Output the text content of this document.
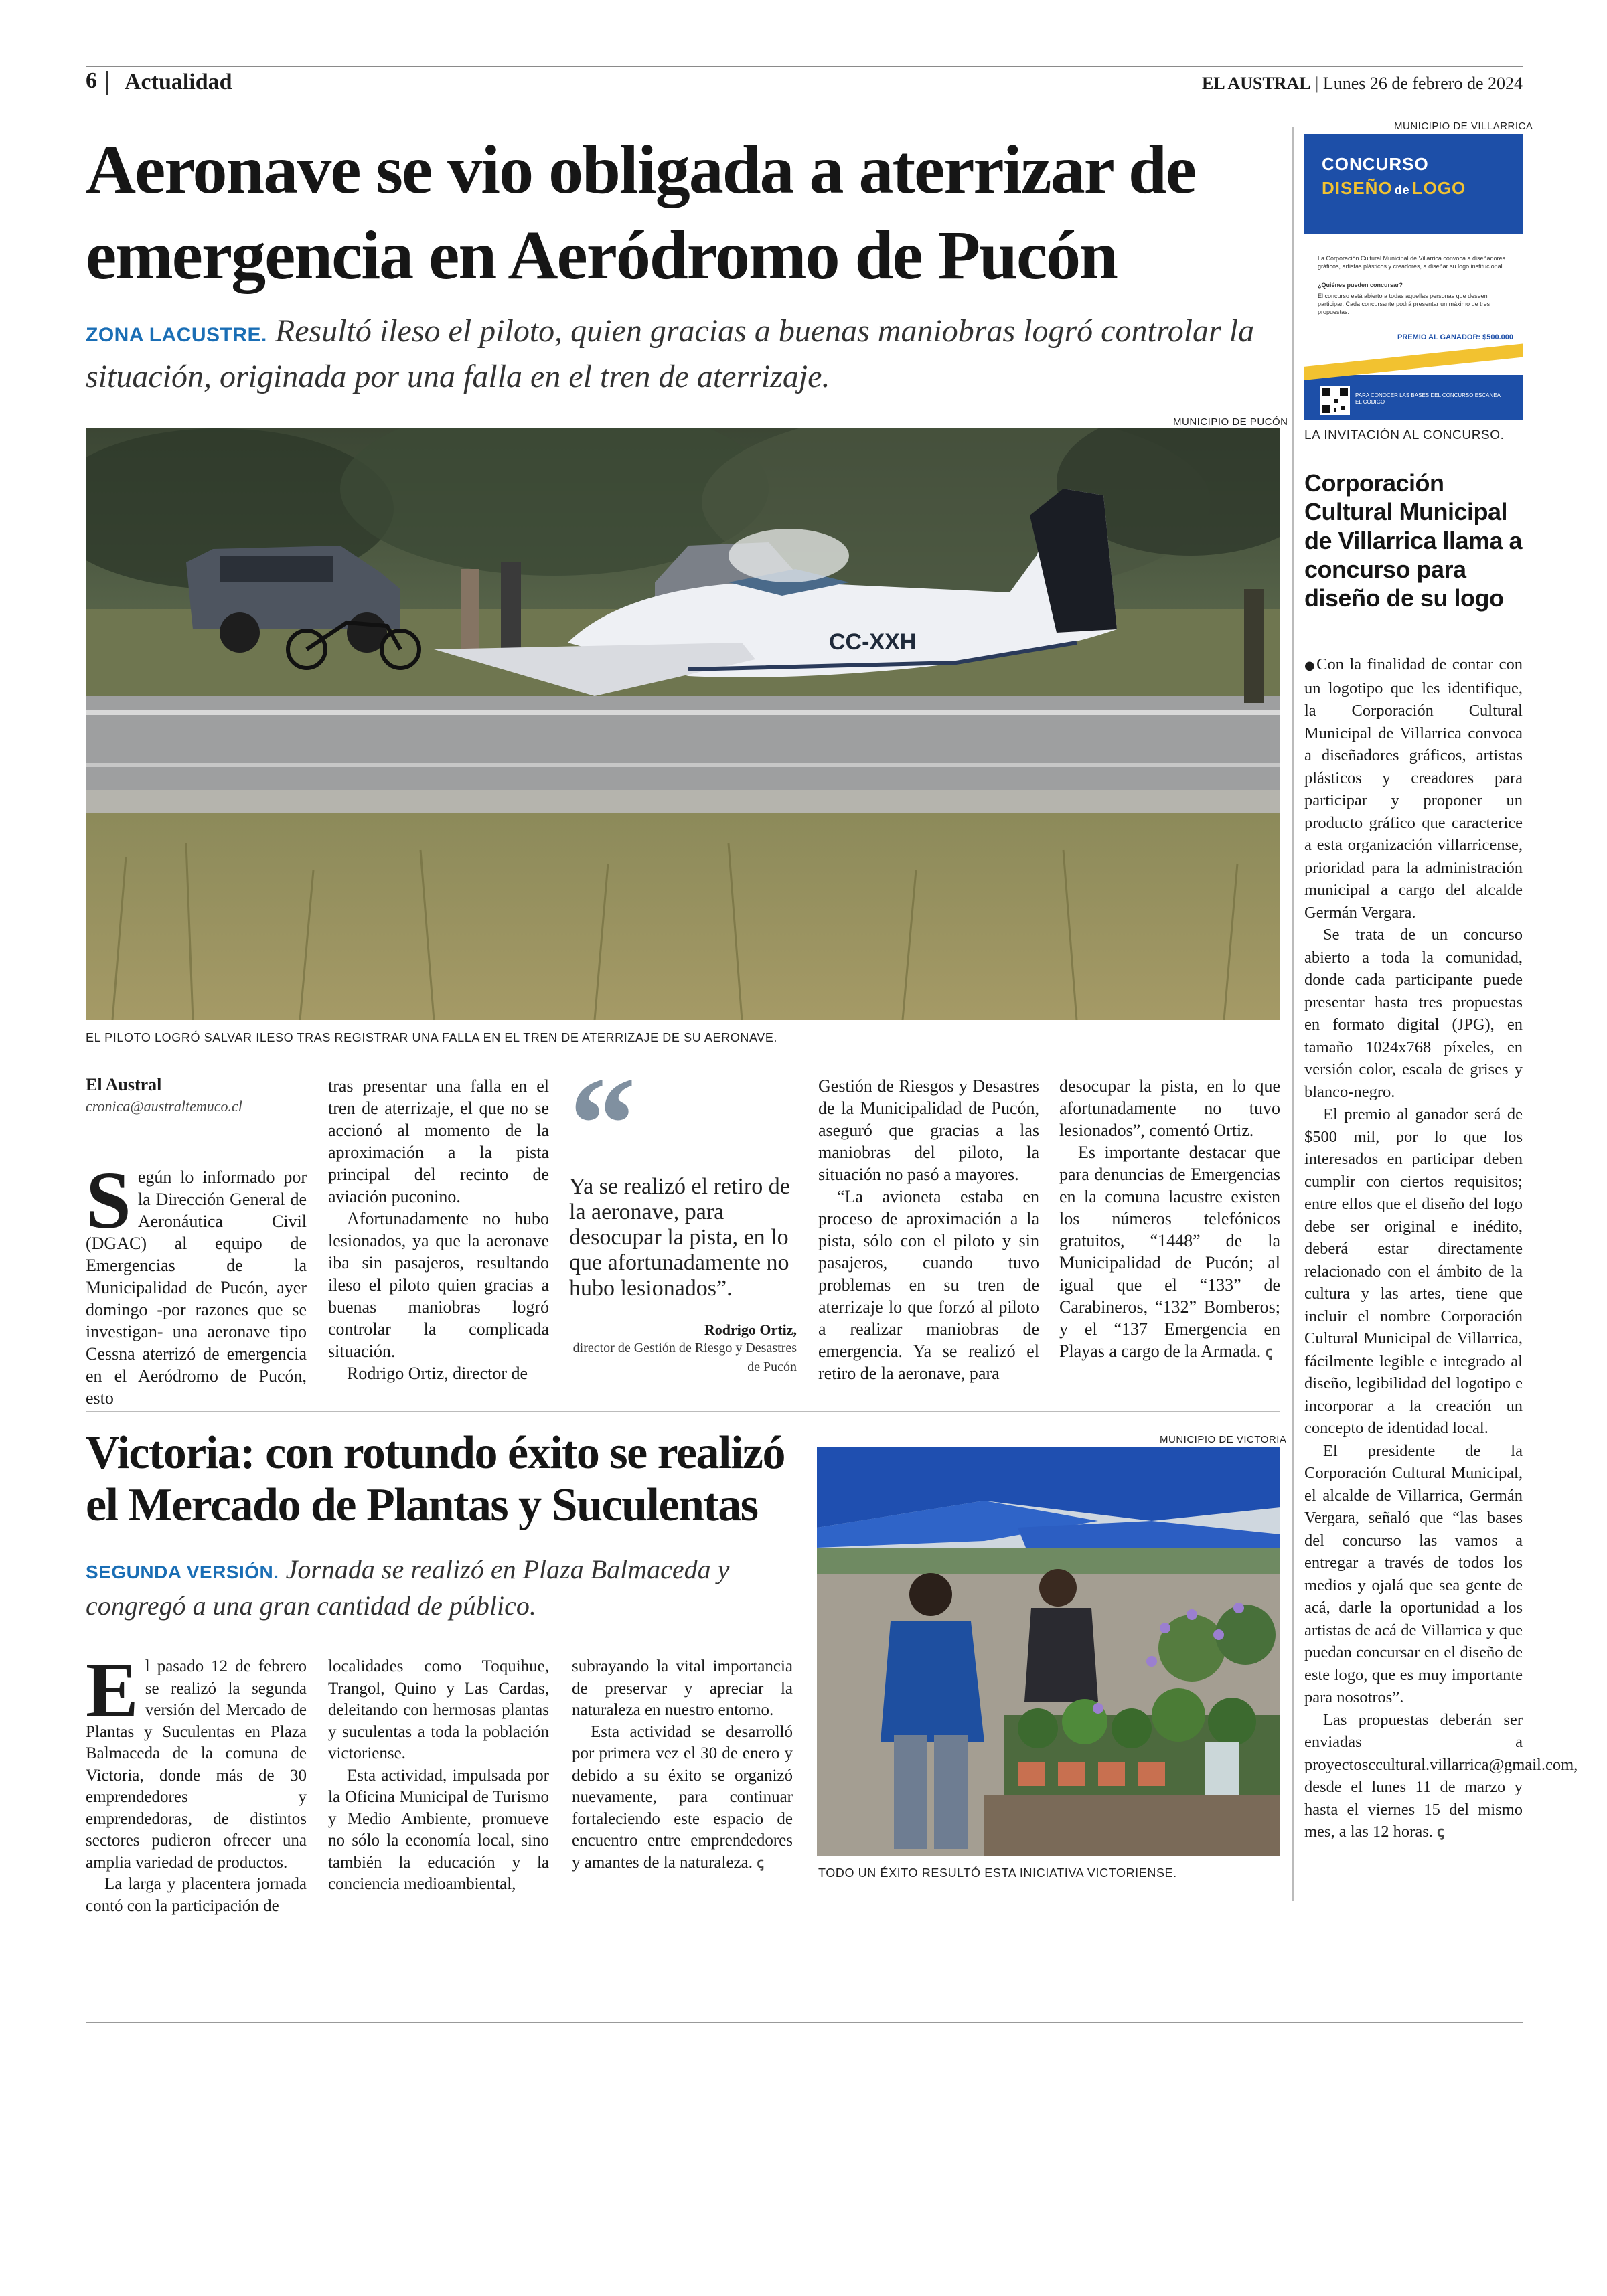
6 Actualidad	EL AUSTRAL | Lunes 26 de febrero de 2024
Aeronave se vio obligada a aterrizar de emergencia en Aeródromo de Pucón
ZONA LACUSTRE. Resultó ileso el piloto, quien gracias a buenas maniobras logró controlar la situación, originada por una falla en el tren de aterrizaje.
MUNICIPIO DE PUCÓN
CC-XXH
EL PILOTO LOGRÓ SALVAR ILESO TRAS REGISTRAR UNA FALLA EN EL TREN DE ATERRIZAJE DE SU AERONAVE.
El Austral
cronica@australtemuco.cl
Según lo informado por la Dirección General de Aeronáutica Civil (DGAC) al equipo de Emergencias de la Municipalidad de Pucón, ayer domingo -por razones que se investigan- una aeronave tipo Cessna aterrizó de emergencia en el Aeródromo de Pucón, esto

tras presentar una falla en el tren de aterrizaje, el que no se accionó al momento de la aproximación a la pista principal del recinto de aviación puconino.

Afortunadamente no hubo lesionados, ya que la aeronave iba sin pasajeros, resultando ileso el piloto quien gracias a buenas maniobras logró controlar la complicada situación.

Rodrigo Ortiz, director de

“
Ya se realizó el retiro de la aeronave, para desocupar la pista, en lo que afortunadamente no hubo lesionados”.
Rodrigo Ortiz,
director de Gestión de Riesgo y Desastres de Pucón

Gestión de Riesgos y Desastres de la Municipalidad de Pucón, aseguró que gracias a las maniobras del piloto, la situación no pasó a mayores.

“La avioneta estaba en proceso de aproximación a la pista, sólo con el piloto y sin pasajeros, cuando tuvo problemas en su tren de aterrizaje lo que forzó al piloto a realizar maniobras de emergencia. Ya se realizó el retiro de la aeronave, para

desocupar la pista, en lo que afortunadamente no tuvo lesionados”, comentó Ortiz.

Es importante destacar que para denuncias de Emergencias en la comuna lacustre existen los números telefónicos gratuitos, “1448” de la Municipalidad de Pucón; al igual que el “133” de Carabineros, “132” Bomberos; y el “137 Emergencia en Playas a cargo de la Armada. ꞔ

Victoria: con rotundo éxito se realizó el Mercado de Plantas y Suculentas
SEGUNDA VERSIÓN. Jornada se realizó en Plaza Balmaceda y congregó a una gran cantidad de público.
El pasado 12 de febrero se realizó la segunda versión del Mercado de Plantas y Suculentas en Plaza Balmaceda de la comuna de Victoria, donde más de 30 emprendedores y emprendedoras, de distintos sectores pudieron ofrecer una amplia variedad de productos.

La larga y placentera jornada contó con la participación de

localidades como Toquihue, Trangol, Quino y Las Cardas, deleitando con hermosas plantas y suculentas a toda la población victoriense.

Esta actividad, impulsada por la Oficina Municipal de Turismo y Medio Ambiente, promueve no sólo la economía local, sino también la educación y la conciencia medioambiental,

subrayando la vital importancia de preservar y apreciar la naturaleza en nuestro entorno.

Esta actividad se desarrolló por primera vez el 30 de enero y debido a su éxito se organizó nuevamente, para continuar fortaleciendo este espacio de encuentro entre emprendedores y amantes de la naturaleza. ꞔ

MUNICIPIO DE VICTORIA
TODO UN ÉXITO RESULTÓ ESTA INICIATIVA VICTORIENSE.
MUNICIPIO DE VILLARRICA
CONCURSO
DISEÑO de LOGO
La Corporación Cultural Municipal de Villarrica convoca a diseñadores gráficos, artistas plásticos y creadores, a diseñar su logo institucional.
¿Quiénes pueden concursar?
El concurso está abierto a todas aquellas personas que deseen participar. Cada concursante podrá presentar un máximo de tres propuestas.
PREMIO AL GANADOR: $500.000
PARA CONOCER LAS BASES DEL CONCURSO ESCANEA EL CÓDIGO
LA INVITACIÓN AL CONCURSO.
Corporación Cultural Municipal de Villarrica llama a concurso para diseño de su logo

●Con la finalidad de contar con un logotipo que les identifique, la Corporación Cultural Municipal de Villarrica convoca a diseñadores gráficos, artistas plásticos y creadores para participar y proponer un producto gráfico que caracterice a esta organización villarricense, prioridad para la administración municipal a cargo del alcalde Germán Vergara.

Se trata de un concurso abierto a toda la comunidad, donde cada participante puede presentar hasta tres propuestas en formato digital (JPG), en tamaño 1024x768 píxeles, en versión color, escala de grises y blanco-negro.

El premio al ganador será de $500 mil, por lo que los interesados en participar deben cumplir con ciertos requisitos; entre ellos que el diseño del logo debe ser original e inédito, deberá estar directamente relacionado con el ámbito de la cultura y las artes, tiene que incluir el nombre Corporación Cultural Municipal de Villarrica, fácilmente legible e integrado al diseño, legibilidad del logotipo e incorporar a la creación un concepto de identidad local.

El presidente de la Corporación Cultural Municipal, el alcalde de Villarrica, Germán Vergara, señaló que “las bases del concurso las vamos a entregar a través de todos los medios y ojalá que sea gente de acá, darle la oportunidad a los artistas de acá de Villarrica y que puedan concursar en el diseño de este logo, que es muy importante para nosotros”.

Las propuestas deberán ser enviadas a proyectosccultural.villarrica@gmail.com, desde el lunes 11 de marzo y hasta el viernes 15 del mismo mes, a las 12 horas. ꞔ
